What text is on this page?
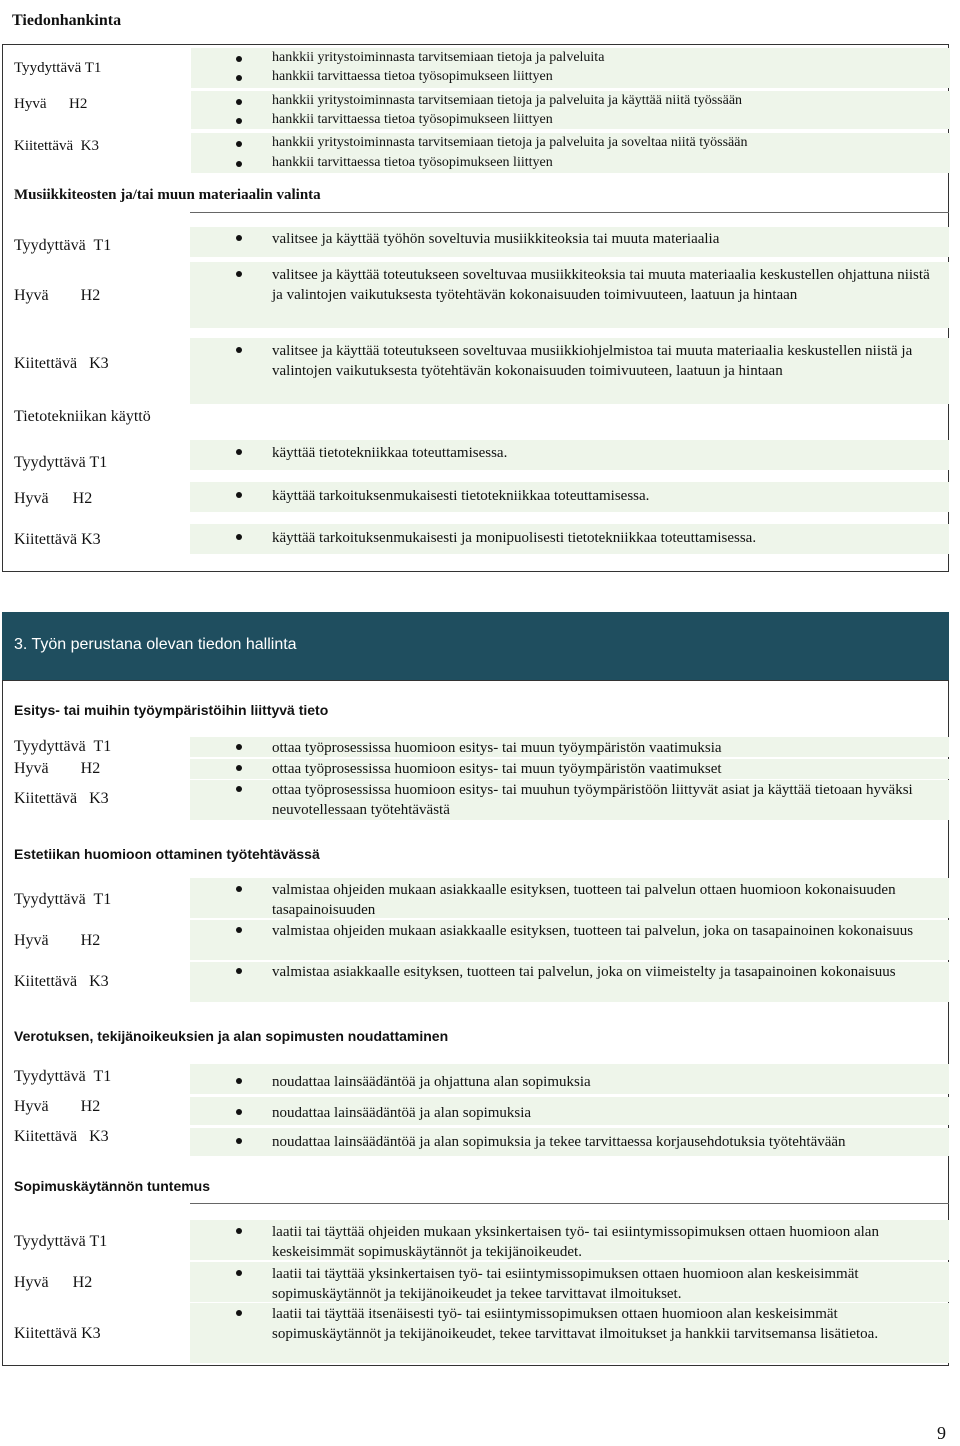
Tiedonhankinta
Tyydyttävä T1
hankkii yritystoiminnasta tarvitsemiaan tietoja ja palveluita
hankkii tarvittaessa tietoa työsopimukseen liittyen
Hyvä      H2	hankkii yritystoiminnasta tarvitsemiaan tietoja ja palveluita ja käyttää niitä työssään
hankkii tarvittaessa tietoa työsopimukseen liittyen
Kiitettävä  K3	hankkii yritystoiminnasta tarvitsemiaan tietoja ja palveluita ja soveltaa niitä työssään
hankkii tarvittaessa tietoa työsopimukseen liittyen
Musiikkiteosten ja/tai muun materiaalin valinta
Tyydyttävä  T1	valitsee ja käyttää työhön soveltuvia musiikkiteoksia tai muuta materiaalia
Hyvä        H2
valitsee ja käyttää toteutukseen soveltuvaa musiikkiteoksia tai muuta materiaalia keskustellen ohjattuna niistä ja valintojen vaikutuksesta työtehtävän kokonaisuuden toimivuuteen, laatuun ja hintaan
Kiitettävä   K3
valitsee ja käyttää toteutukseen soveltuvaa musiikkiohjelmistoa tai muuta materiaalia keskustellen niistä ja valintojen vaikutuksesta työtehtävän kokonaisuuden toimivuuteen, laatuun ja hintaan
Tietotekniikan käyttö
Tyydyttävä T1
käyttää tietotekniikkaa toteuttamisessa.
Hyvä      H2	käyttää tarkoituksenmukaisesti tietotekniikkaa toteuttamisessa.
Kiitettävä K3	käyttää tarkoituksenmukaisesti ja monipuolisesti tietotekniikkaa toteuttamisessa.
3. Työn perustana olevan tiedon hallinta
Esitys- tai muihin työympäristöihin liittyvä tieto
Tyydyttävä  T1	ottaa työprosessissa huomioon esitys- tai muun työympäristön vaatimuksia
Hyvä        H2	ottaa työprosessissa huomioon esitys- tai muun työympäristön vaatimukset
Kiitettävä   K3	ottaa työprosessissa huomioon esitys- tai muuhun työympäristöön liittyvät asiat ja käyttää tietoaan hyväksi neuvotellessaan työtehtävästä
Estetiikan huomioon ottaminen työtehtävässä
Tyydyttävä  T1
valmistaa ohjeiden mukaan asiakkaalle esityksen, tuotteen tai palvelun ottaen huomioon kokonaisuuden tasapainoisuuden
Hyvä        H2
valmistaa ohjeiden mukaan asiakkaalle esityksen, tuotteen tai palvelun, joka on tasapainoinen kokonaisuus
Kiitettävä   K3
valmistaa asiakkaalle esityksen, tuotteen tai palvelun, joka on viimeistelty ja tasapainoinen kokonaisuus
Verotuksen, tekijänoikeuksien ja alan sopimusten noudattaminen
Tyydyttävä  T1	noudattaa lainsäädäntöä ja ohjattuna alan sopimuksia
Hyvä        H2	noudattaa lainsäädäntöä ja alan sopimuksia
Kiitettävä   K3	noudattaa lainsäädäntöä ja alan sopimuksia ja tekee tarvittaessa korjausehdotuksia työtehtävään
Sopimuskäytännön tuntemus
Tyydyttävä T1
laatii tai täyttää ohjeiden mukaan yksinkertaisen työ- tai esiintymissopimuksen ottaen huomioon alan keskeisimmät sopimuskäytännöt ja tekijänoikeudet.
Hyvä      H2	laatii tai täyttää yksinkertaisen työ- tai esiintymissopimuksen ottaen huomioon alan keskeisimmät sopimuskäytännöt ja tekijänoikeudet ja tekee tarvittavat ilmoitukset.
Kiitettävä K3
laatii tai täyttää itsenäisesti työ- tai esiintymissopimuksen ottaen huomioon alan keskeisimmät sopimuskäytännöt ja tekijänoikeudet, tekee tarvittavat ilmoitukset ja hankkii tarvitsemansa lisätietoa.
9
